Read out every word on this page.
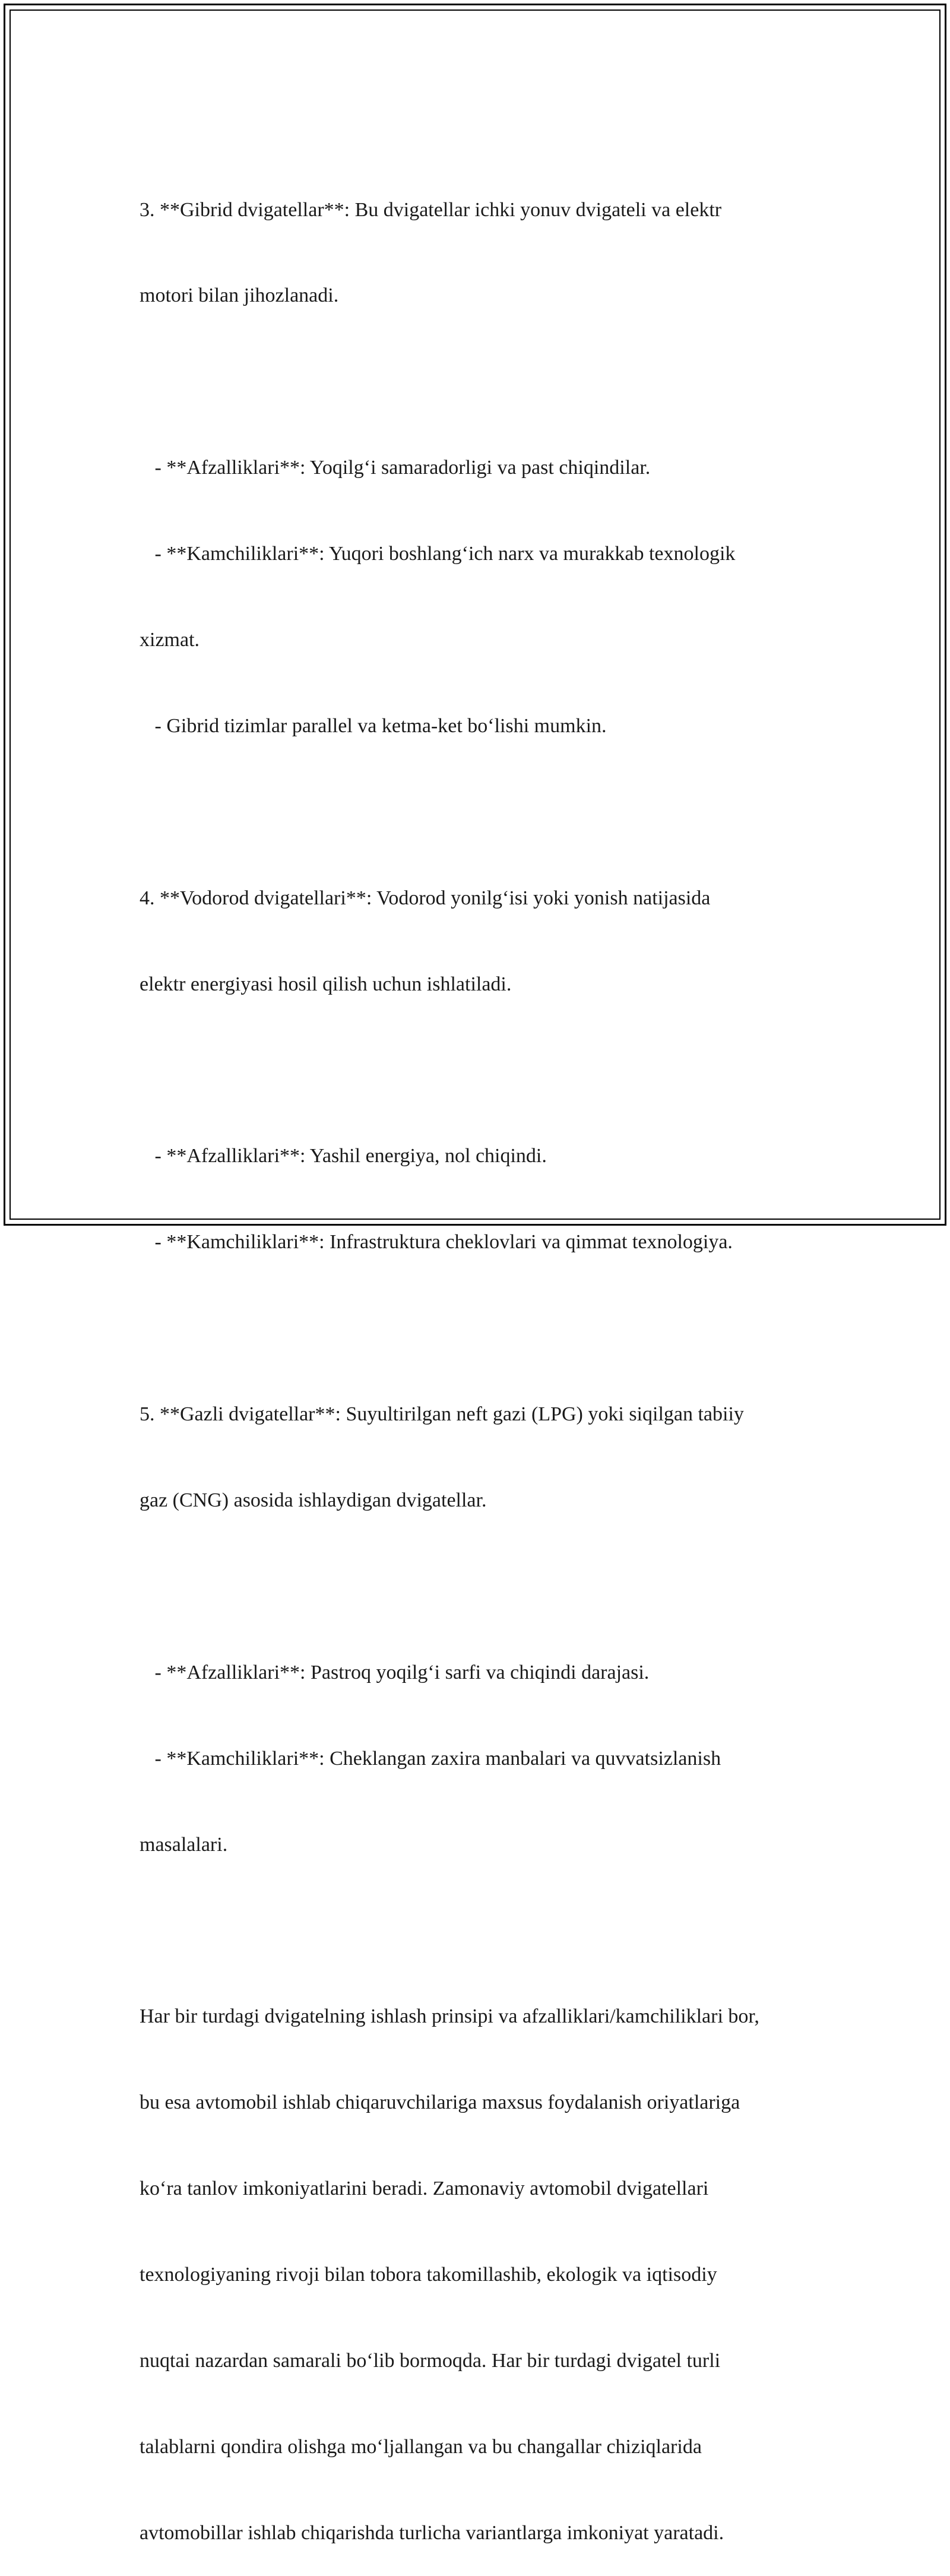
3. **Gibrid dvigatellar**: Bu dvigatellar ichki yonuv dvigateli va elektr

motori bilan jihozlanadi.

- **Afzalliklari**: Yoqilg‘i samaradorligi va past chiqindilar.

- **Kamchiliklari**: Yuqori boshlang‘ich narx va murakkab texnologik

xizmat.

- Gibrid tizimlar parallel va ketma-ket bo‘lishi mumkin.

4. **Vodorod dvigatellari**: Vodorod yonilg‘isi yoki yonish natijasida

elektr energiyasi hosil qilish uchun ishlatiladi.

- **Afzalliklari**: Yashil energiya, nol chiqindi.

- **Kamchiliklari**: Infrastruktura cheklovlari va qimmat texnologiya.

5. **Gazli dvigatellar**: Suyultirilgan neft gazi (LPG) yoki siqilgan tabiiy

gaz (CNG) asosida ishlaydigan dvigatellar.

- **Afzalliklari**: Pastroq yoqilg‘i sarfi va chiqindi darajasi.

- **Kamchiliklari**: Cheklangan zaxira manbalari va quvvatsizlanish

masalalari.

Har bir turdagi dvigatelning ishlash prinsipi va afzalliklari/kamchiliklari bor,

bu esa avtomobil ishlab chiqaruvchilariga maxsus foydalanish oriyatlariga

ko‘ra tanlov imkoniyatlarini beradi. Zamonaviy avtomobil dvigatellari

texnologiyaning rivoji bilan tobora takomillashib, ekologik va iqtisodiy

nuqtai nazardan samarali bo‘lib bormoqda. Har bir turdagi dvigatel turli

talablarni qondira olishga mo‘ljallangan va bu changallar chiziqlarida

avtomobillar ishlab chiqarishda turlicha variantlarga imkoniyat yaratadi.
